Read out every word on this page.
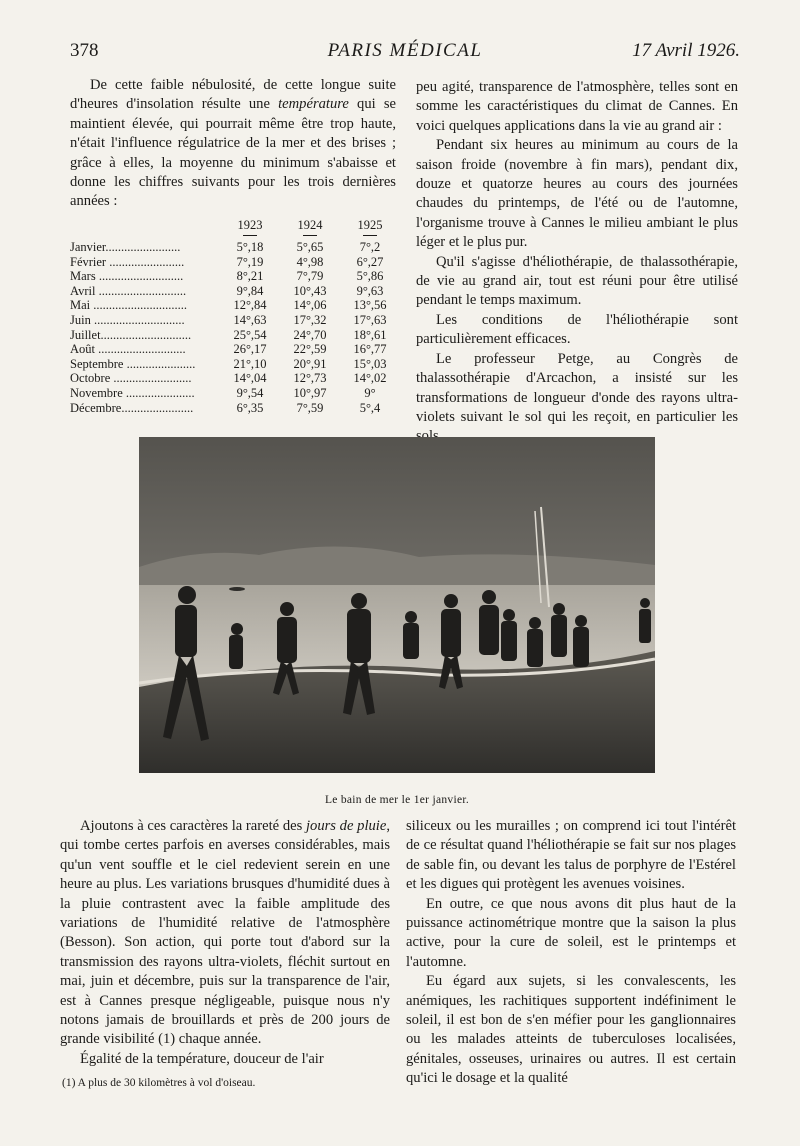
378	PARIS MÉDICAL	17 Avril 1926.

De cette faible nébulosité, de cette longue suite d'heures d'insolation résulte une température qui se maintient élevée, qui pourrait même être trop haute, n'était l'influence régulatrice de la mer et des brises ; grâce à elles, la moyenne du minimum s'abaisse et donne les chiffres suivants pour les trois dernières années :

	1923	1924	1925

Janvier........................	5°,18	5°,65	7°,2
Février ........................	7°,19	4°,98	6°,27
Mars ...........................	8°,21	7°,79	5°,86
Avril ............................	9°,84	10°,43	9°,63
Mai ..............................	12°,84	14°,06	13°,56
Juin .............................	14°,63	17°,32	17°,63
Juillet.............................	25°,54	24°,70	18°,61
Août ............................	26°,17	22°,59	16°,77
Septembre ......................	21°,10	20°,91	15°,03
Octobre .........................	14°,04	12°,73	14°,02
Novembre ......................	9°,54	10°,97	9°
Décembre.......................	6°,35	7°,59	5°,4

peu agité, transparence de l'atmosphère, telles sont en somme les caractéristiques du climat de Cannes. En voici quelques applications dans la vie au grand air :

Pendant six heures au minimum au cours de la saison froide (novembre à fin mars), pendant dix, douze et quatorze heures au cours des journées chaudes du printemps, de l'été ou de l'automne, l'organisme trouve à Cannes le milieu ambiant le plus léger et le plus pur.

Qu'il s'agisse d'héliothérapie, de thalassothérapie, de vie au grand air, tout est réuni pour être utilisé pendant le temps maximum.

Les conditions de l'héliothérapie sont particulièrement efficaces.

Le professeur Petge, au Congrès de thalassothérapie d'Arcachon, a insisté sur les transformations de longueur d'onde des rayons ultra-violets suivant le sol qui les reçoit, en particulier les

Le bain de mer le 1er janvier.

Ajoutons à ces caractères la rareté des jours de pluie, qui tombe certes parfois en averses considérables, mais qu'un vent souffle et le ciel redevient serein en une heure au plus. Les variations brusques d'humidité dues à la pluie contrastent avec la faible amplitude des variations de l'humidité relative de l'atmosphère (Besson). Son action, qui porte tout d'abord sur la transmission des rayons ultra-violets, fléchit surtout en mai, juin et décembre, puis sur la transparence de l'air, est à Cannes presque négligeable, puisque nous n'y notons jamais de brouillards et près de 200 jours de grande visibilité (1) chaque année.

Égalité de la température, douceur de l'air

(1) A plus de 30 kilomètres à vol d'oiseau.

siliceux ou les murailles ; on comprend ici tout l'intérêt de ce résultat quand l'héliothérapie se fait sur nos plages de sable fin, ou devant les talus de porphyre de l'Estérel et les digues qui protègent les avenues voisines.

En outre, ce que nous avons dit plus haut de la puissance actinométrique montre que la saison la plus active, pour la cure de soleil, est le printemps et l'automne.

Eu égard aux sujets, si les convalescents, les anémiques, les rachitiques supportent indéfiniment le soleil, il est bon de s'en méfier pour les ganglionnaires ou les malades atteints de tuberculoses localisées, génitales, osseuses, urinaires ou autres. Il est certain qu'ici le dosage et la qualité
